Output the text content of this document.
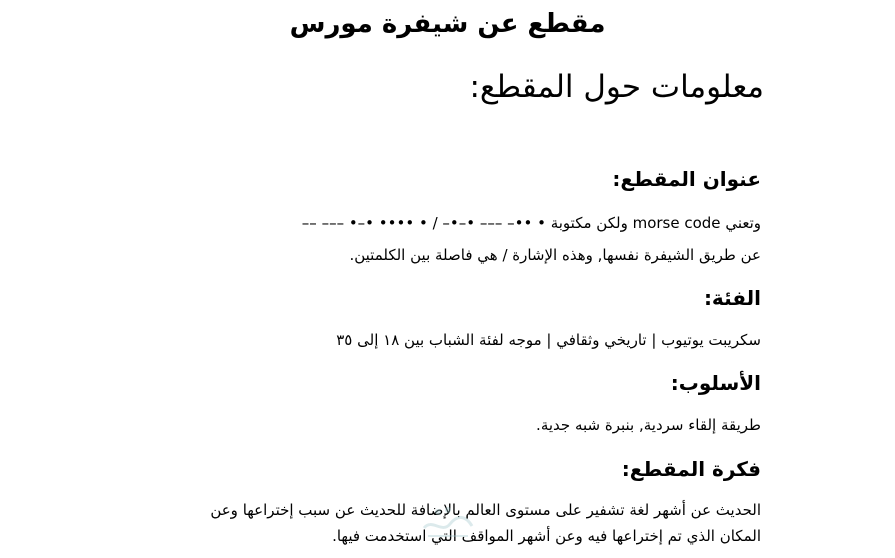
مقطع عن شيفرة مورس
معلومات حول المقطع:
عنوان المقطع:
وتعني morse code ولكن مكتوبة –– ––– •–• •••• • / –•–• ––– –•• •
عن طريق الشيفرة نفسها, وهذه الإشارة / هي فاصلة بين الكلمتين.
الفئة:
سكريبت يوتيوب | تاريخي وثقافي | موجه لفئة الشباب بين ١٨ إلى ٣٥
الأسلوب:
طريقة إلقاء سردية, بنبرة شبه جدية.
فكرة المقطع:
الحديث عن أشهر لغة تشفير على مستوى العالم بالإضافة للحديث عن سبب إختراعها وعن
المكان الذي تم إختراعها فيه وعن أشهر المواقف التي استخدمت فيها.
